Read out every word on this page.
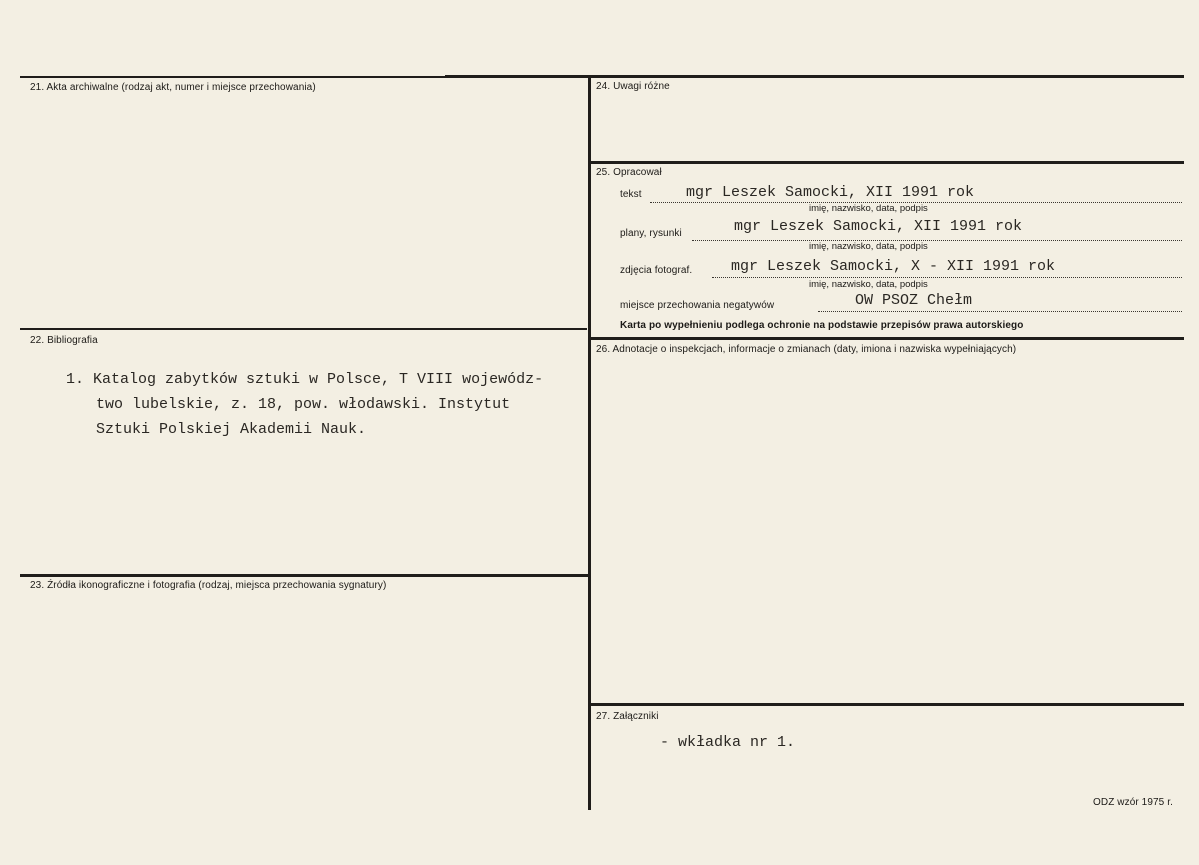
21. Akta archiwalne (rodzaj akt, numer i miejsce przechowania)
22. Bibliografia
1. Katalog zabytków sztuki w Polsce, T VIII wojewódz-
two lubelskie, z. 18, pow. włodawski. Instytut
Sztuki Polskiej Akademii Nauk.
23. Źródła ikonograficzne i fotografia (rodzaj, miejsca przechowania sygnatury)
24. Uwagi różne
25. Opracował
tekst	mgr Leszek Samocki, XII 1991 rok
imię, nazwisko, data, podpis
plany, rysunki	mgr Leszek Samocki, XII 1991 rok
imię, nazwisko, data, podpis
zdjęcia fotograf.	mgr Leszek Samocki, X - XII 1991 rok
imię, nazwisko, data, podpis
miejsce przechowania negatywów	OW PSOZ Chełm
Karta po wypełnieniu podlega ochronie na podstawie przepisów prawa autorskiego
26. Adnotacje o inspekcjach, informacje o zmianach (daty, imiona i nazwiska wypełniających)
27. Załączniki
- wkładka nr 1.
ODZ wzór 1975 r.
